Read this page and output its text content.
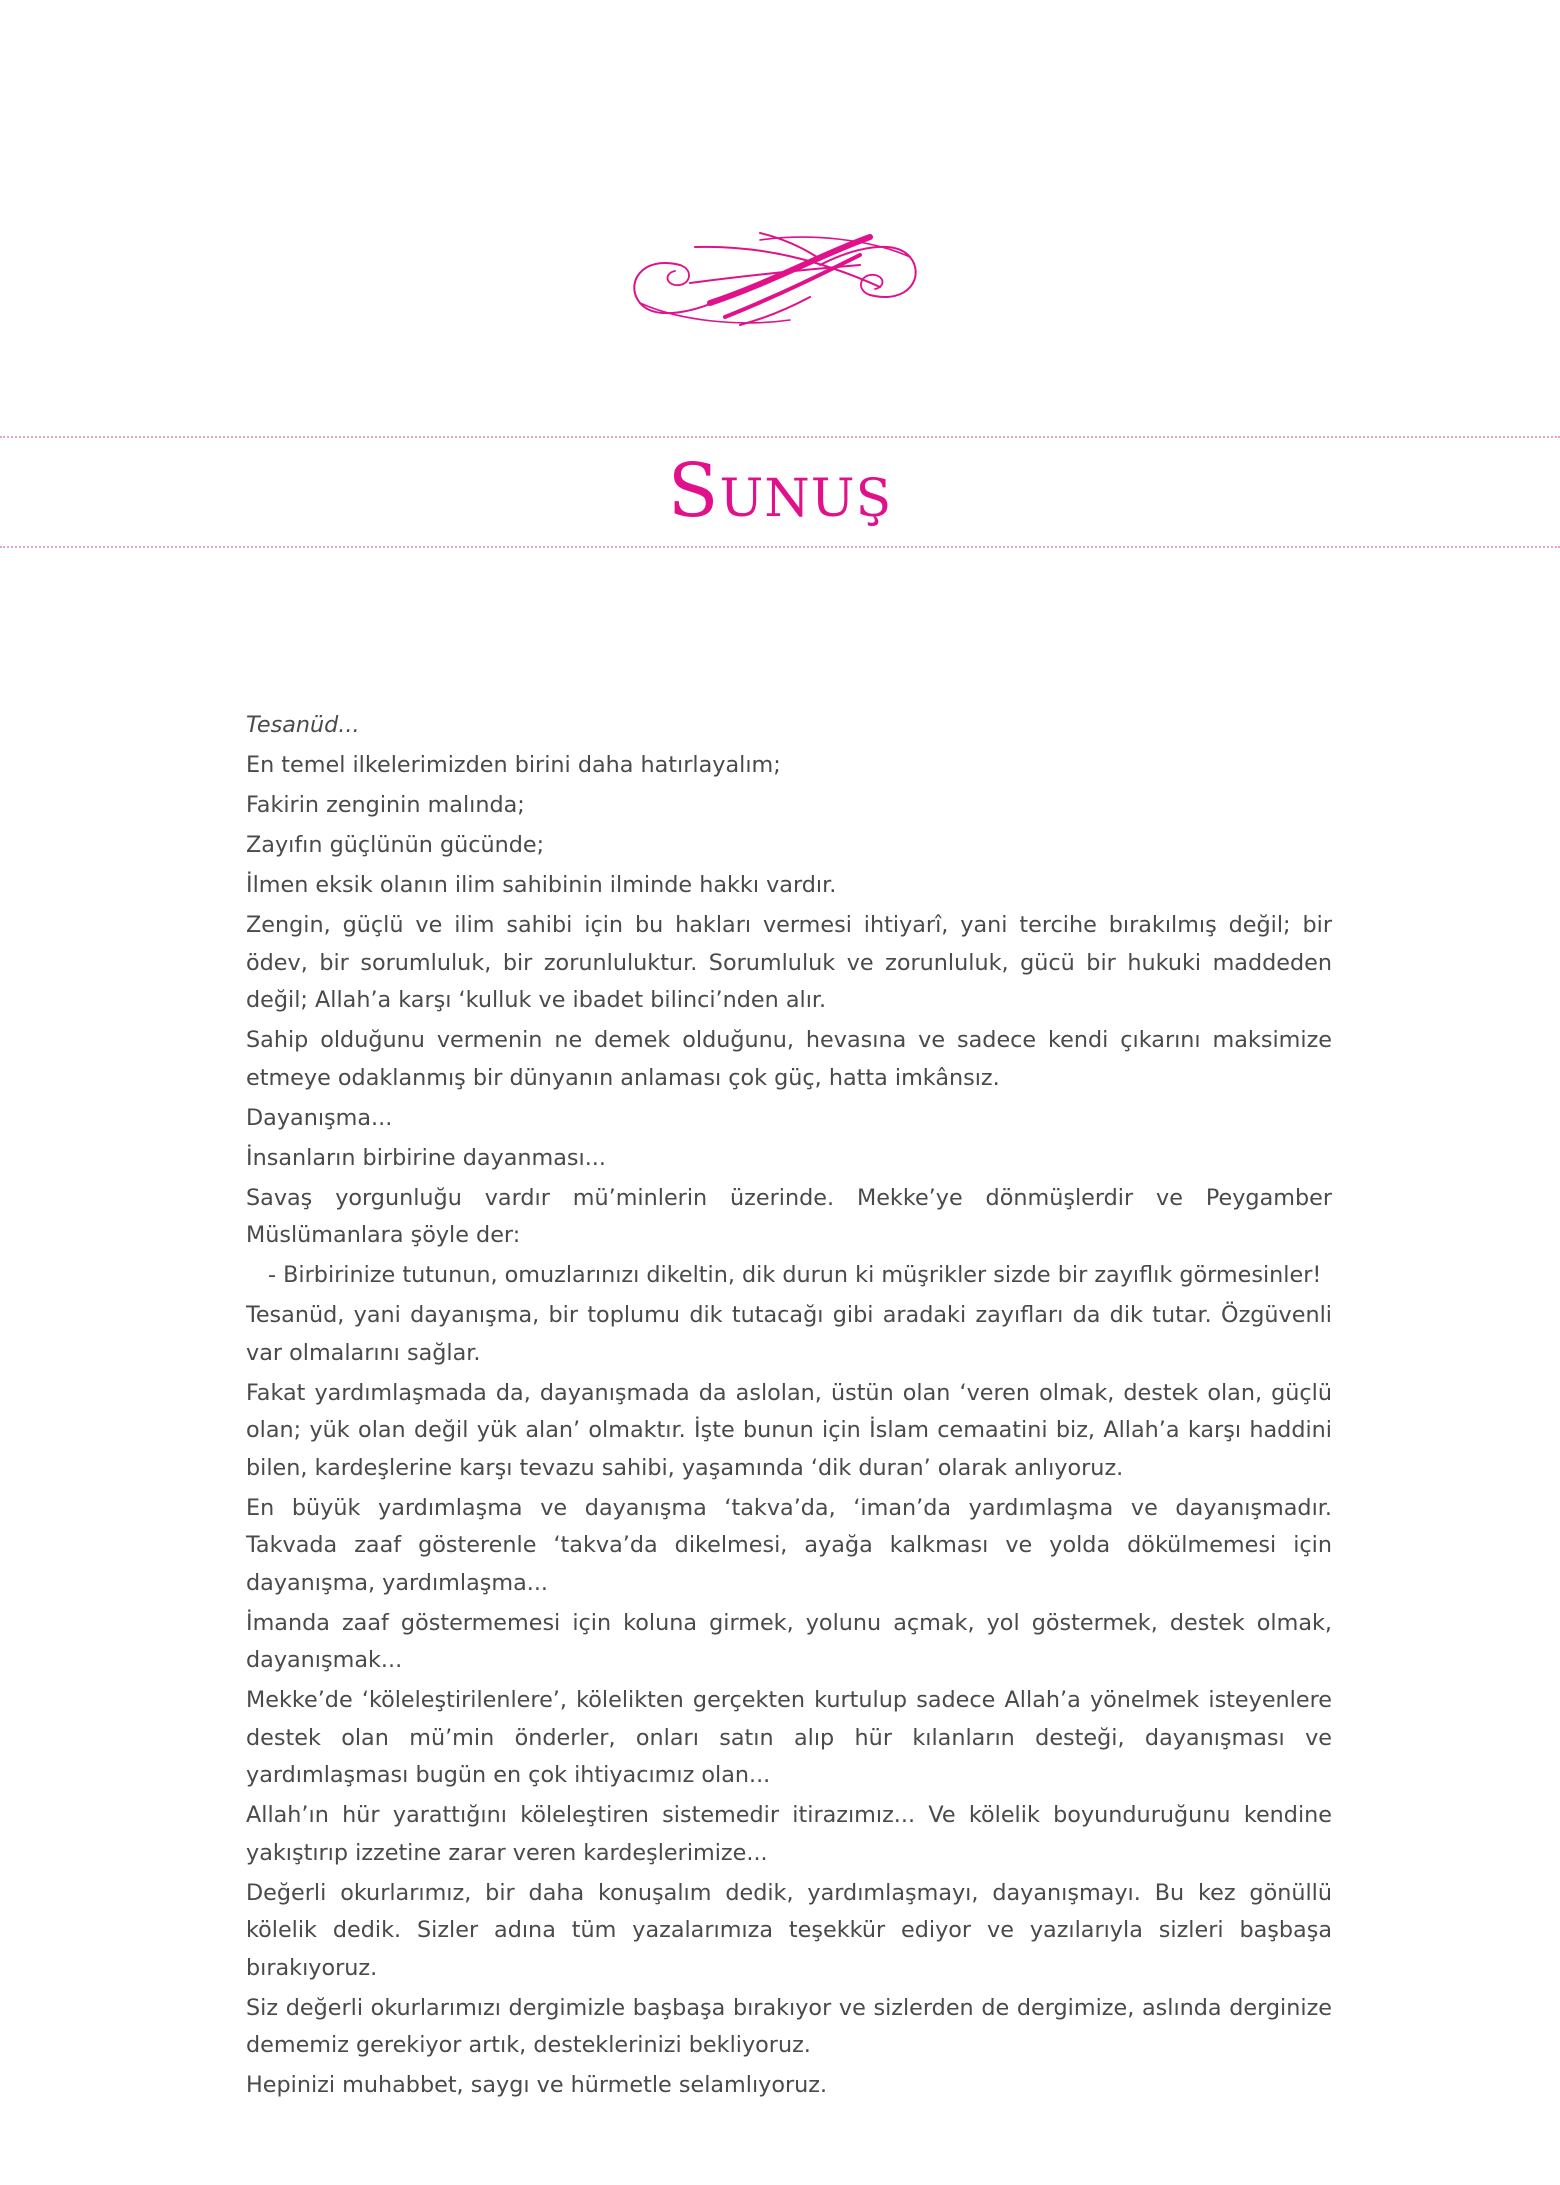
Sunuş

Tesanüd...

En temel ilkelerimizden birini daha hatırlayalım;

Fakirin zenginin malında;

Zayıfın güçlünün gücünde;

İlmen eksik olanın ilim sahibinin ilminde hakkı vardır.

Zengin, güçlü ve ilim sahibi için bu hakları vermesi ihtiyarî, yani tercihe bırakılmış değil; bir ödev, bir sorumluluk, bir zorunluluktur. Sorumluluk ve zorunluluk, gücü bir hukuki maddeden değil; Allah’a karşı ‘kulluk ve ibadet bilinci’nden alır.

Sahip olduğunu vermenin ne demek olduğunu, hevasına ve sadece kendi çıkarını maksimize etmeye odaklanmış bir dünyanın anlaması çok güç, hatta imkânsız.

Dayanışma...

İnsanların birbirine dayanması...

Savaş yorgunluğu vardır mü’minlerin üzerinde. Mekke’ye dönmüşlerdir ve Peygamber Müslümanlara şöyle der:

- Birbirinize tutunun, omuzlarınızı dikeltin, dik durun ki müşrikler sizde bir zayıflık görmesinler!

Tesanüd, yani dayanışma, bir toplumu dik tutacağı gibi aradaki zayıfları da dik tutar. Özgüvenli var olmalarını sağlar.

Fakat yardımlaşmada da, dayanışmada da aslolan, üstün olan ‘veren olmak, destek olan, güçlü olan; yük olan değil yük alan’ olmaktır. İşte bunun için İslam cemaatini biz, Allah’a karşı haddini bilen, kardeşlerine karşı tevazu sahibi, yaşamında ‘dik duran’ olarak anlıyoruz.

En büyük yardımlaşma ve dayanışma ‘takva’da, ‘iman’da yardımlaşma ve dayanışmadır. Takvada zaaf gösterenle ‘takva’da dikelmesi, ayağa kalkması ve yolda dökülmemesi için dayanışma, yardımlaşma...

İmanda zaaf göstermemesi için koluna girmek, yolunu açmak, yol göstermek, destek olmak, dayanışmak...

Mekke’de ‘köleleştirilenlere’, kölelikten gerçekten kurtulup sadece Allah’a yönelmek isteyenlere destek olan mü’min önderler, onları satın alıp hür kılanların desteği, dayanışması ve yardımlaşması bugün en çok ihtiyacımız olan...

Allah’ın hür yarattığını köleleştiren sistemedir itirazımız... Ve kölelik boyunduruğunu kendine yakıştırıp izzetine zarar veren kardeşlerimize...

Değerli okurlarımız, bir daha konuşalım dedik, yardımlaşmayı, dayanışmayı. Bu kez gönüllü kölelik dedik. Sizler adına tüm yazalarımıza teşekkür ediyor ve yazılarıyla sizleri başbaşa bırakıyoruz.

Siz değerli okurlarımızı dergimizle başbaşa bırakıyor ve sizlerden de dergimize, aslında derginize dememiz gerekiyor artık, desteklerinizi bekliyoruz.

Hepinizi muhabbet, saygı ve hürmetle selamlıyoruz.
